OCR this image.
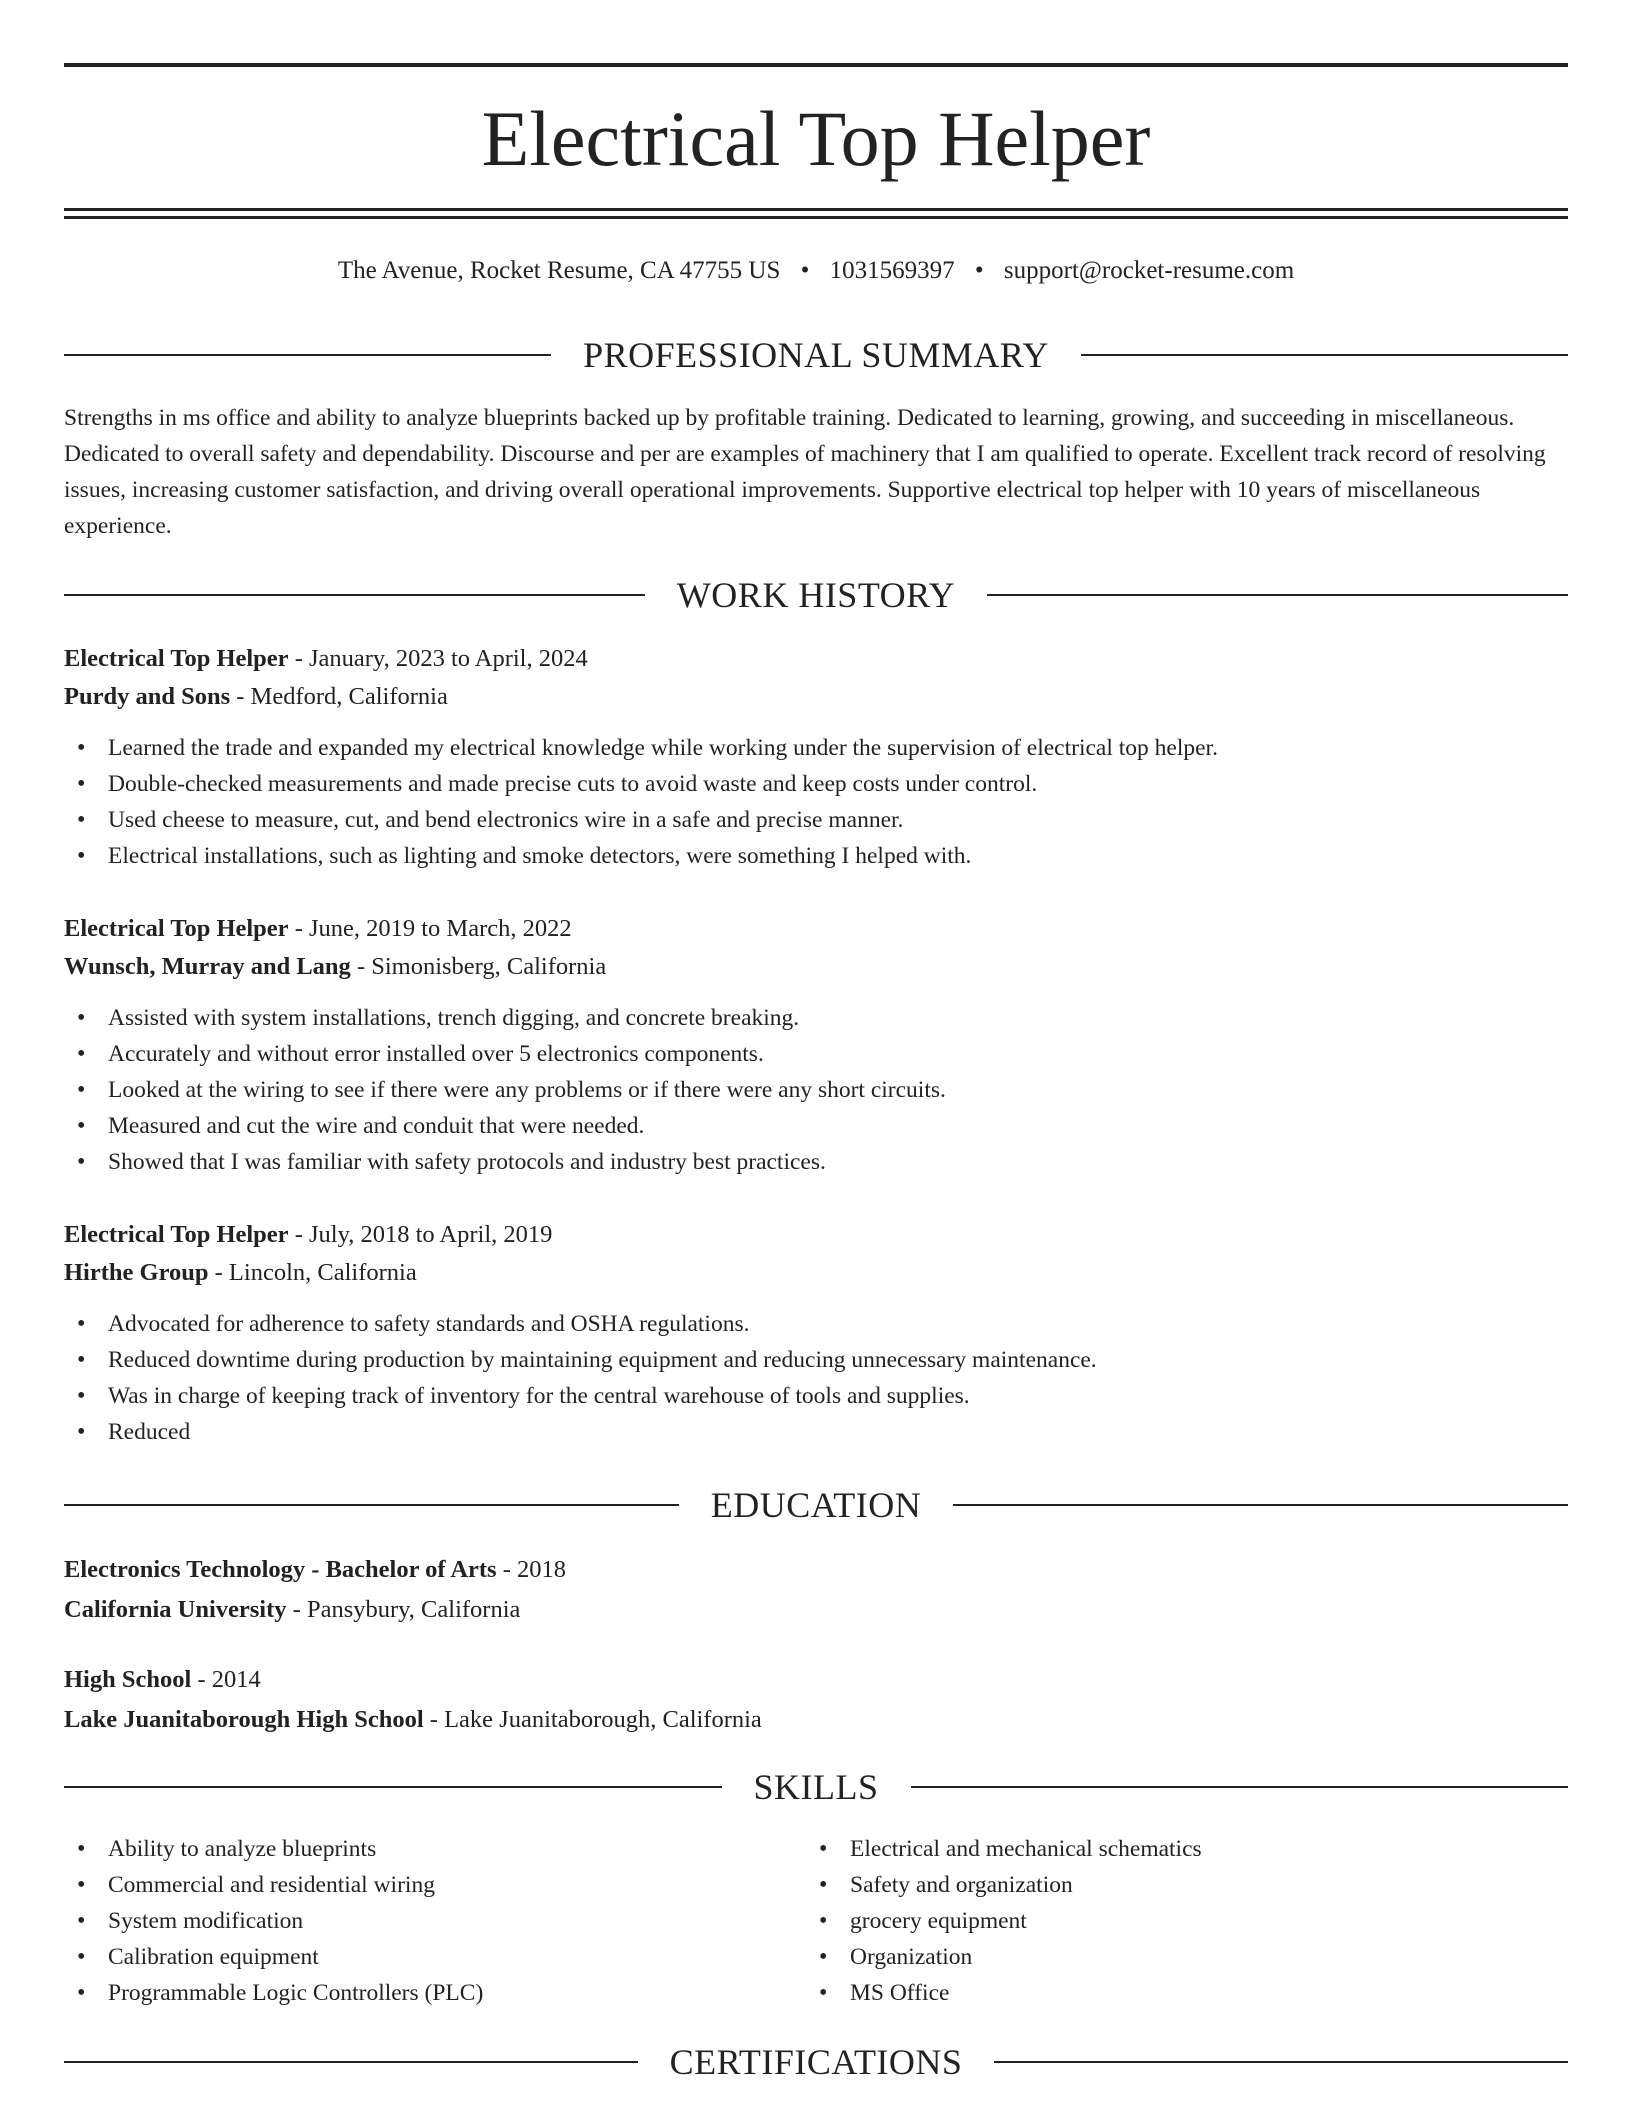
Electrical Top Helper
The Avenue, Rocket Resume, CA 47755 US • 1031569397 • support@rocket-resume.com
PROFESSIONAL SUMMARY

Strengths in ms office and ability to analyze blueprints backed up by profitable training. Dedicated to learning, growing, and succeeding in miscellaneous. Dedicated to overall safety and dependability. Discourse and per are examples of machinery that I am qualified to operate. Excellent track record of resolving issues, increasing customer satisfaction, and driving overall operational improvements. Supportive electrical top helper with 10 years of miscellaneous experience.

WORK HISTORY
Electrical Top Helper - January, 2023 to April, 2024
Purdy and Sons - Medford, California
• Learned the trade and expanded my electrical knowledge while working under the supervision of electrical top helper.
• Double-checked measurements and made precise cuts to avoid waste and keep costs under control.
• Used cheese to measure, cut, and bend electronics wire in a safe and precise manner.
• Electrical installations, such as lighting and smoke detectors, were something I helped with.
Electrical Top Helper - June, 2019 to March, 2022
Wunsch, Murray and Lang - Simonisberg, California
• Assisted with system installations, trench digging, and concrete breaking.
• Accurately and without error installed over 5 electronics components.
• Looked at the wiring to see if there were any problems or if there were any short circuits.
• Measured and cut the wire and conduit that were needed.
• Showed that I was familiar with safety protocols and industry best practices.
Electrical Top Helper - July, 2018 to April, 2019
Hirthe Group - Lincoln, California
• Advocated for adherence to safety standards and OSHA regulations.
• Reduced downtime during production by maintaining equipment and reducing unnecessary maintenance.
• Was in charge of keeping track of inventory for the central warehouse of tools and supplies.
• Reduced
EDUCATION
Electronics Technology - Bachelor of Arts - 2018
California University - Pansybury, California
High School - 2014
Lake Juanitaborough High School - Lake Juanitaborough, California
SKILLS
• Ability to analyze blueprints
• Commercial and residential wiring
• System modification
• Calibration equipment
• Programmable Logic Controllers (PLC)
• Electrical and mechanical schematics
• Safety and organization
• grocery equipment
• Organization
• MS Office
CERTIFICATIONS
